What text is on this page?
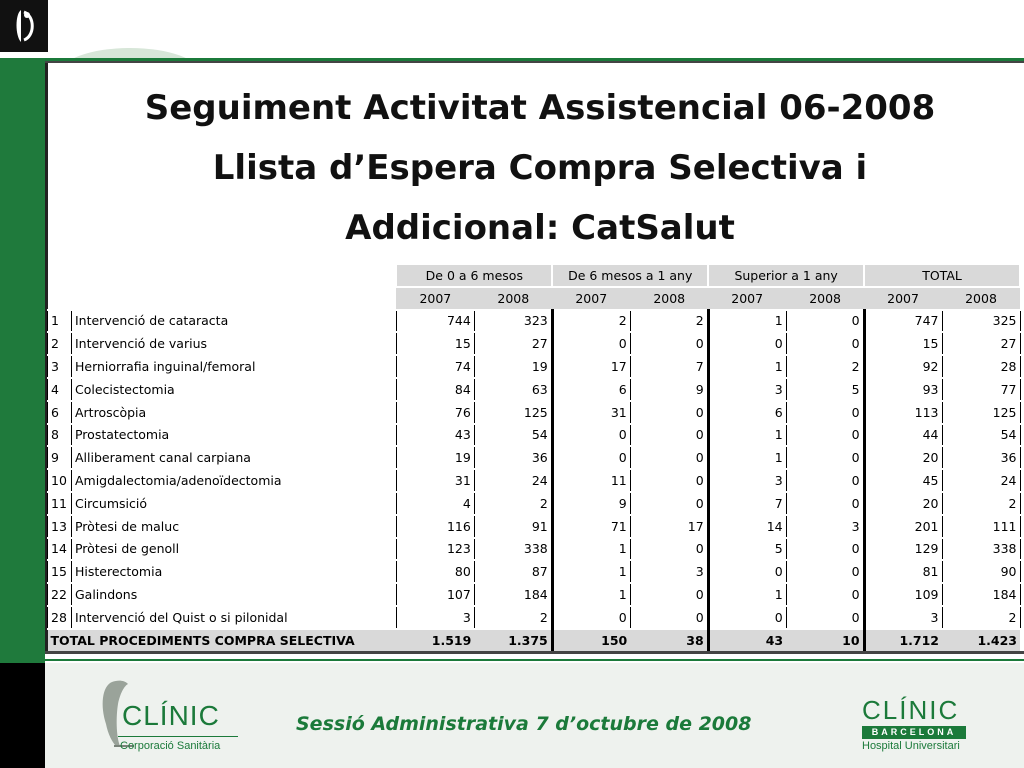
Seguiment Activitat Assistencial 06-2008
Llista d’Espera Compra Selectiva i
Addicional: CatSalut
		De 0 a 6 mesos		De 6 mesos a 1 any		Superior a 1 any		TOTAL	
		2007	2008	2007	2008	2007	2008	2007	2008
1	Intervenció de cataracta	744	323	2	2	1	0	747	325
2	Intervenció de varius	15	27	0	0	0	0	15	27
3	Herniorrafia inguinal/femoral	74	19	17	7	1	2	92	28
4	Colecistectomia	84	63	6	9	3	5	93	77
6	Artroscòpia	76	125	31	0	6	0	113	125
8	Prostatectomia	43	54	0	0	1	0	44	54
9	Alliberament canal carpiana	19	36	0	0	1	0	20	36
10	Amigdalectomia/adenoïdectomia	31	24	11	0	3	0	45	24
11	Circumsició	4	2	9	0	7	0	20	2
13	Pròtesi de maluc	116	91	71	17	14	3	201	111
14	Pròtesi de genoll	123	338	1	0	5	0	129	338
15	Histerectomia	80	87	1	3	0	0	81	90
22	Galindons	107	184	1	0	1	0	109	184
28	Intervenció del Quist o si pilonidal	3	2	0	0	0	0	3	2
TOTAL PROCEDIMENTS COMPRA SELECTIVA		1.519	1.375	150	38	43	10	1.712	1.423
CLÍNIC
Corporació Sanitària
Sessió Administrativa 7 d’octubre de 2008	CLÍNIC
BARCELONA
Hospital Universitari
